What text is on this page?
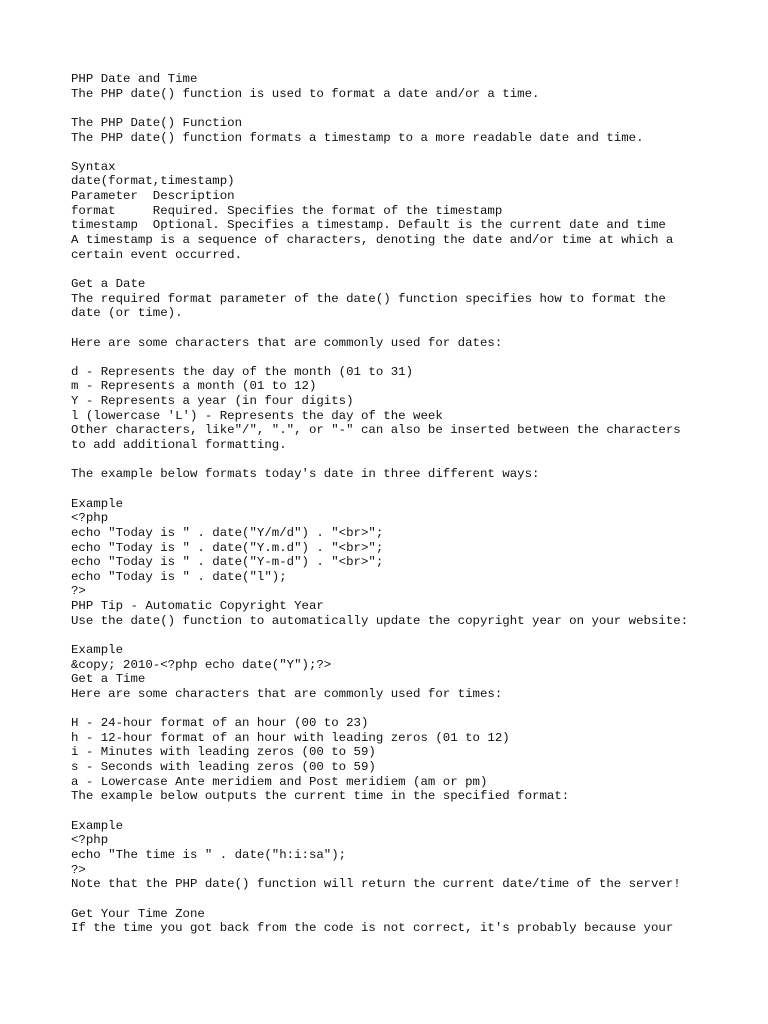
PHP Date and Time
The PHP date() function is used to format a date and/or a time.
The PHP Date() Function
The PHP date() function formats a timestamp to a more readable date and time.
Syntax
date(format,timestamp)
Parameter  Description
format     Required. Specifies the format of the timestamp
timestamp  Optional. Specifies a timestamp. Default is the current date and time
A timestamp is a sequence of characters, denoting the date and/or time at which a
certain event occurred.
Get a Date
The required format parameter of the date() function specifies how to format the
date (or time).
Here are some characters that are commonly used for dates:
d - Represents the day of the month (01 to 31)
m - Represents a month (01 to 12)
Y - Represents a year (in four digits)
l (lowercase 'L') - Represents the day of the week
Other characters, like"/", ".", or "-" can also be inserted between the characters
to add additional formatting.
The example below formats today's date in three different ways:
Example
<?php
echo "Today is " . date("Y/m/d") . "<br>";
echo "Today is " . date("Y.m.d") . "<br>";
echo "Today is " . date("Y-m-d") . "<br>";
echo "Today is " . date("l");
?>
PHP Tip - Automatic Copyright Year
Use the date() function to automatically update the copyright year on your website:
Example
&copy; 2010-<?php echo date("Y");?>
Get a Time
Here are some characters that are commonly used for times:
H - 24-hour format of an hour (00 to 23)
h - 12-hour format of an hour with leading zeros (01 to 12)
i - Minutes with leading zeros (00 to 59)
s - Seconds with leading zeros (00 to 59)
a - Lowercase Ante meridiem and Post meridiem (am or pm)
The example below outputs the current time in the specified format:
Example
<?php
echo "The time is " . date("h:i:sa");
?>
Note that the PHP date() function will return the current date/time of the server!
Get Your Time Zone
If the time you got back from the code is not correct, it's probably because your
